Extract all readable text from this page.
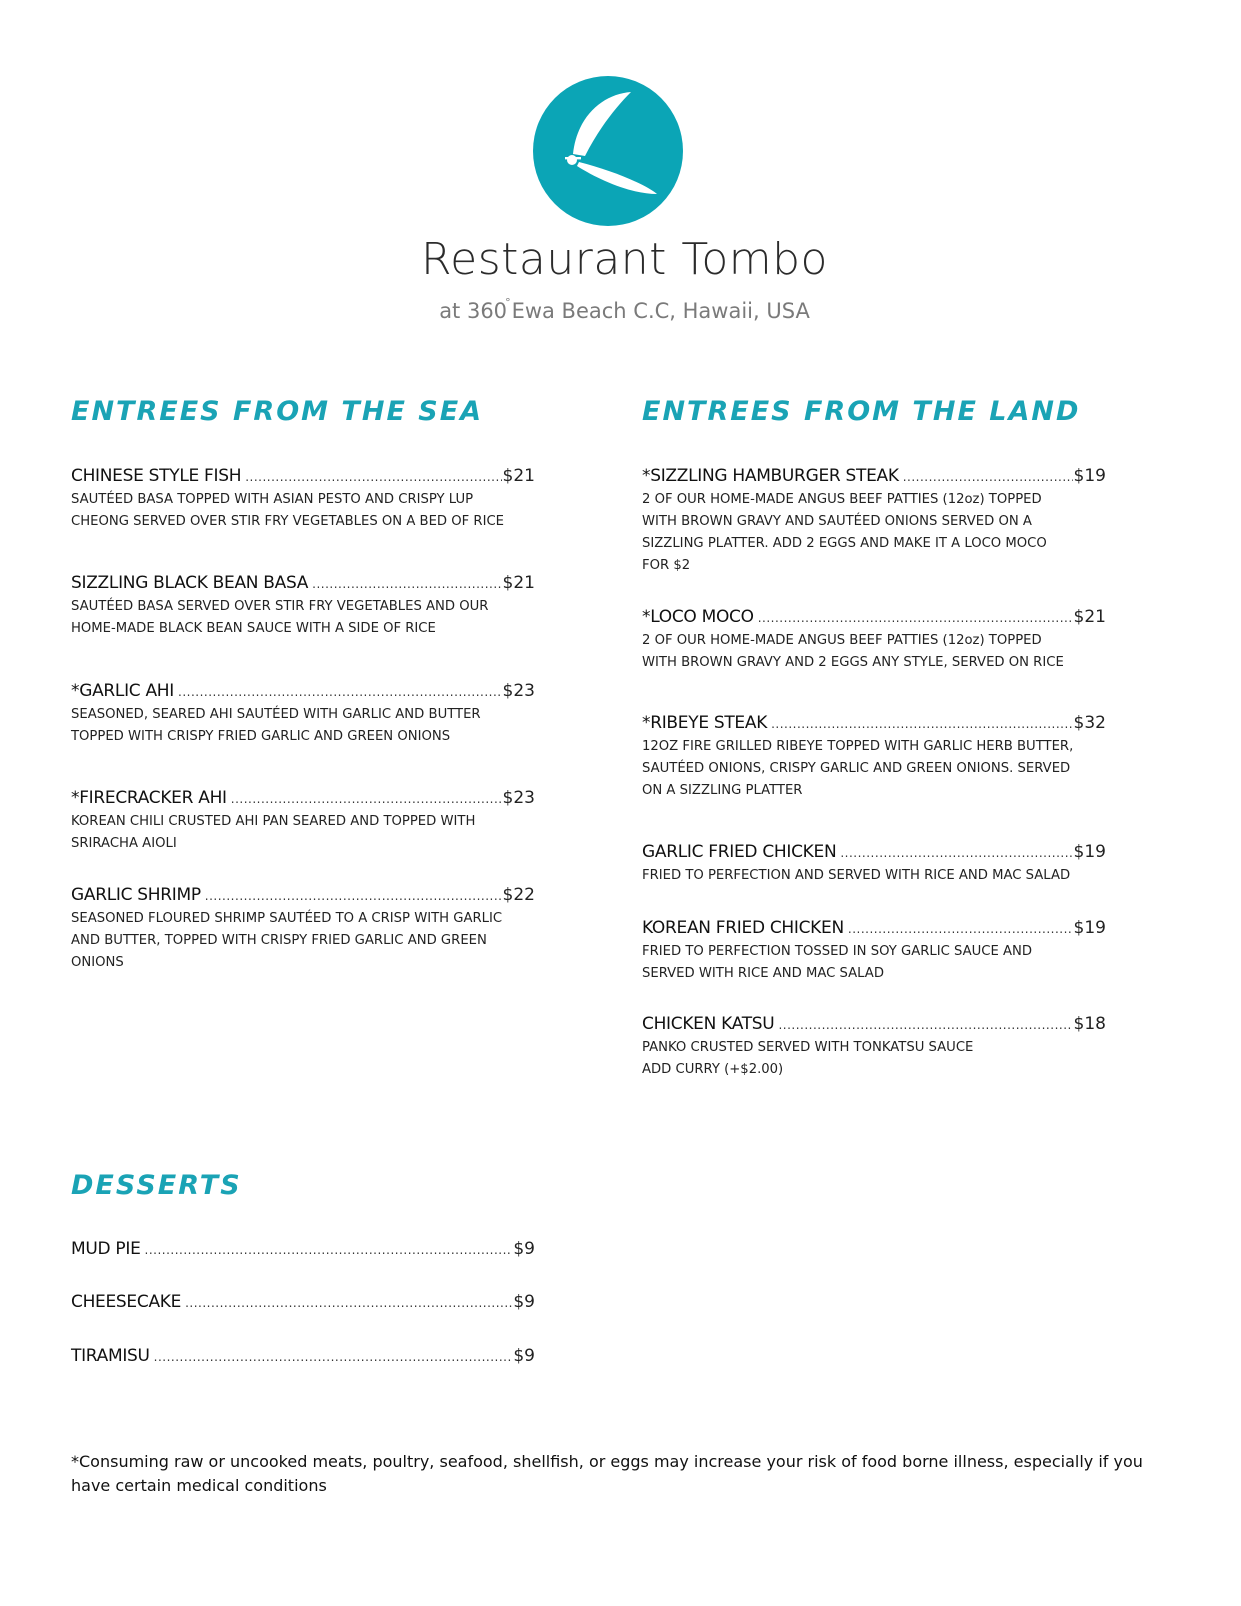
Restaurant Tombo
at 360°Ewa Beach C.C, Hawaii, USA
ENTREES FROM THE SEA	ENTREES FROM THE LAND
DESSERTS
CHINESE STYLE FISH .....	$21
SAUTÉED BASA TOPPED WITH ASIAN PESTO AND CRISPY LUP
CHEONG SERVED OVER STIR FRY VEGETABLES ON A BED OF RICE
SIZZLING BLACK BEAN BASA .....	$21
SAUTÉED BASA SERVED OVER STIR FRY VEGETABLES AND OUR
HOME-MADE BLACK BEAN SAUCE WITH A SIDE OF RICE
*GARLIC AHI .....	$23
SEASONED, SEARED AHI SAUTÉED WITH GARLIC AND BUTTER
TOPPED WITH CRISPY FRIED GARLIC AND GREEN ONIONS
*FIRECRACKER AHI .....	$23
KOREAN CHILI CRUSTED AHI PAN SEARED AND TOPPED WITH
SRIRACHA AIOLI
GARLIC SHRIMP .....	$22
SEASONED FLOURED SHRIMP SAUTÉED TO A CRISP WITH GARLIC
AND BUTTER, TOPPED WITH CRISPY FRIED GARLIC AND GREEN
ONIONS
*SIZZLING HAMBURGER STEAK .....	$19
2 OF OUR HOME-MADE ANGUS BEEF PATTIES (12oz) TOPPED
WITH BROWN GRAVY AND SAUTÉED ONIONS SERVED ON A
SIZZLING PLATTER. ADD 2 EGGS AND MAKE IT A LOCO MOCO
FOR $2
*LOCO MOCO .....	$21
2 OF OUR HOME-MADE ANGUS BEEF PATTIES (12oz) TOPPED
WITH BROWN GRAVY AND 2 EGGS ANY STYLE, SERVED ON RICE
*RIBEYE STEAK .....	$32
12OZ FIRE GRILLED RIBEYE TOPPED WITH GARLIC HERB BUTTER,
SAUTÉED ONIONS, CRISPY GARLIC AND GREEN ONIONS. SERVED
ON A SIZZLING PLATTER
GARLIC FRIED CHICKEN .....	$19
FRIED TO PERFECTION AND SERVED WITH RICE AND MAC SALAD
KOREAN FRIED CHICKEN .....	$19
FRIED TO PERFECTION TOSSED IN SOY GARLIC SAUCE AND
SERVED WITH RICE AND MAC SALAD
CHICKEN KATSU .....	$18
PANKO CRUSTED SERVED WITH TONKATSU SAUCE
ADD CURRY (+$2.00)
MUD PIE .....	$9
CHEESECAKE .....	$9
TIRAMISU .....	$9
*Consuming raw or uncooked meats, poultry, seafood, shellfish, or eggs may increase your risk of food borne illness, especially if you have certain medical conditions
